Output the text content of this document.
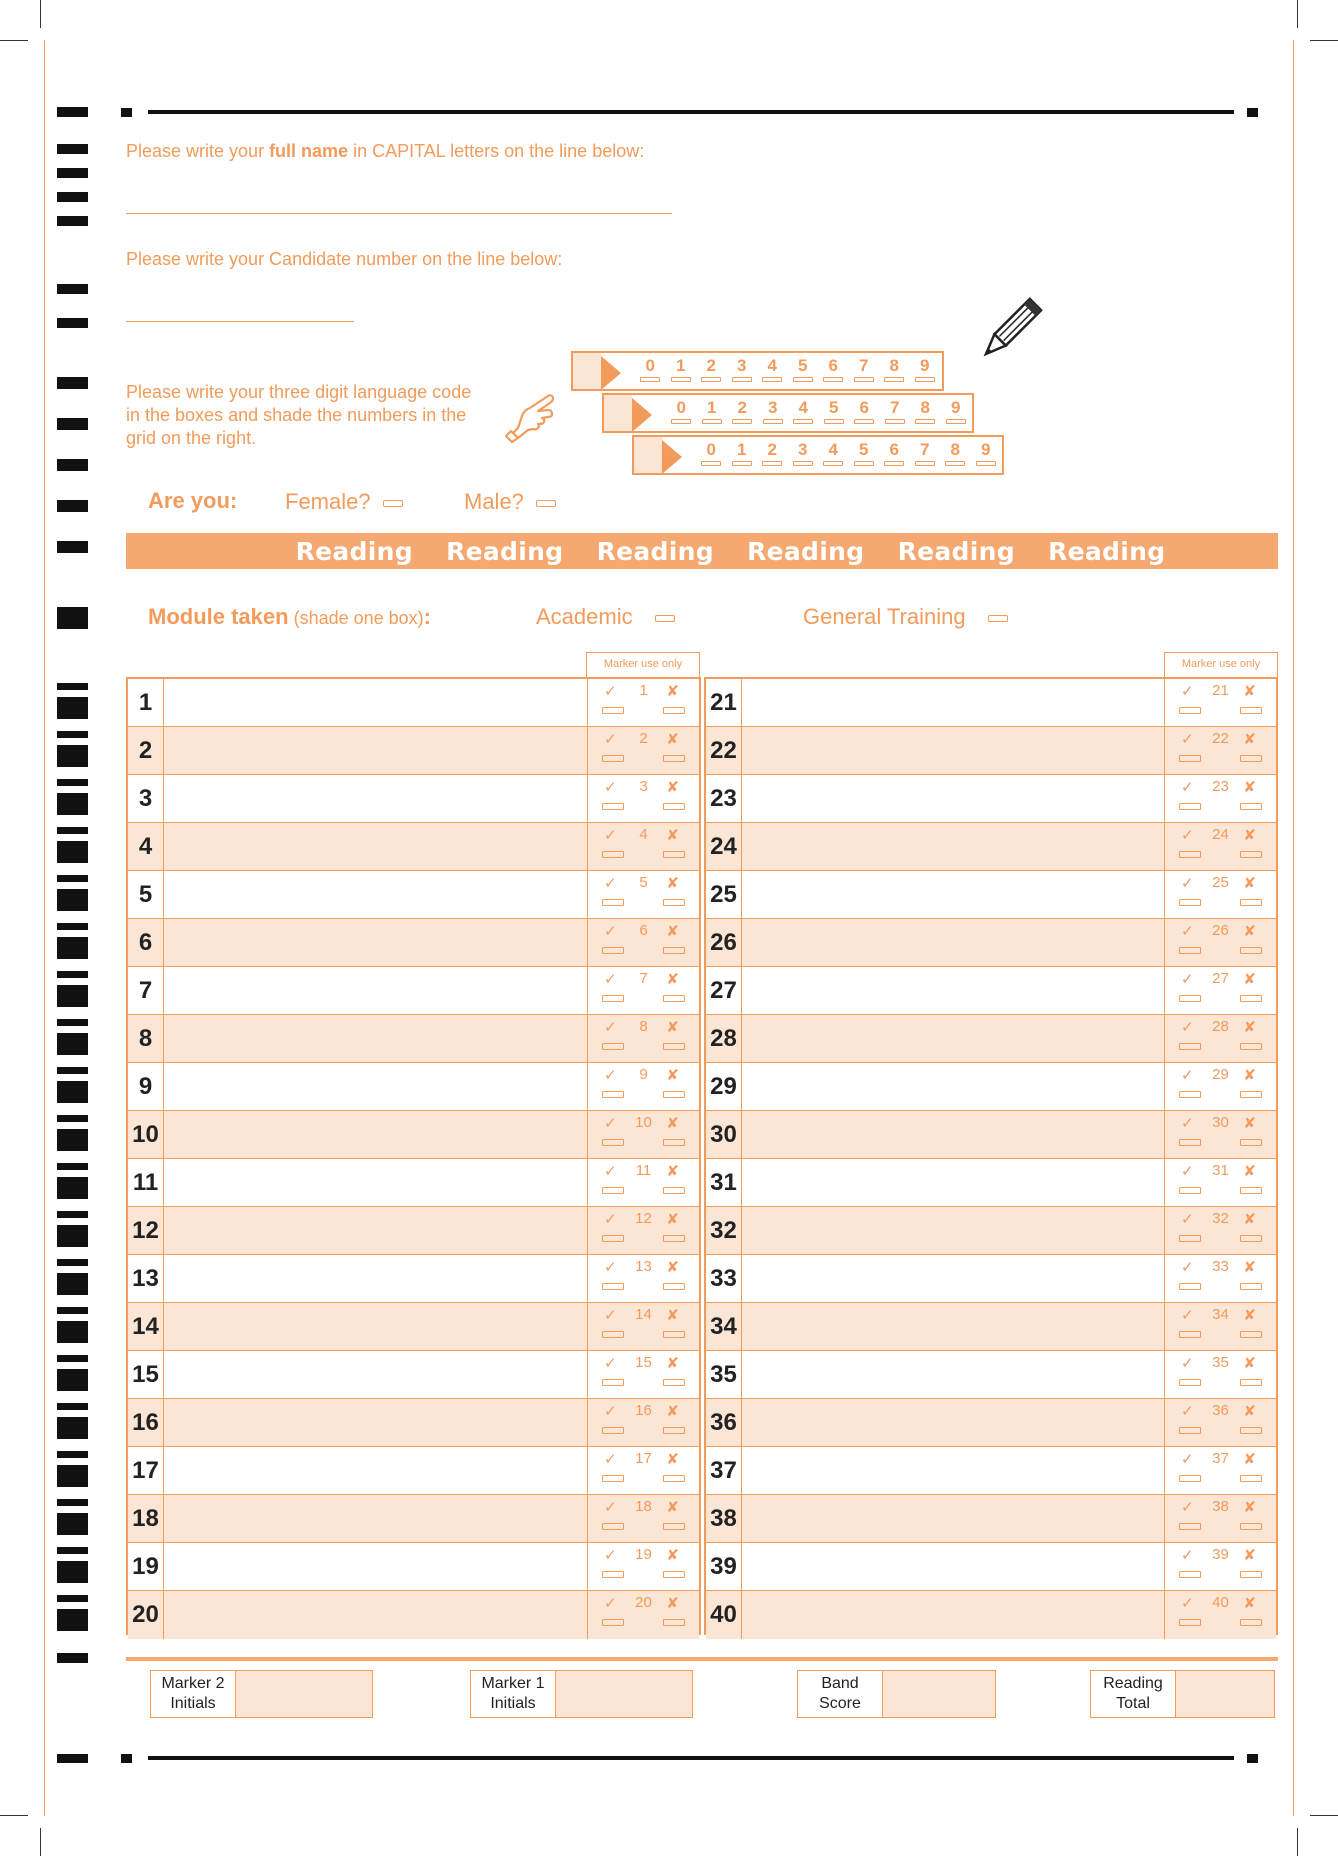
Please write your full name in CAPITAL letters on the line below:
Please write your Candidate number on the line below:
Please write your three digit language code
in the boxes and shade the numbers in the
grid on the right.
0	1	2	3	4	5	6	7	8	9
0	1	2	3	4	5	6	7	8	9
0	1	2	3	4	5	6	7	8	9
Are you: Female?	Male?
Reading	Reading	Reading	Reading	Reading	Reading
Module taken (shade one box):	Academic	General Training
Marker use only	Marker use only
1	✓	1	✘
2	✓	2	✘
3	✓	3	✘
4	✓	4	✘
5	✓	5	✘
6	✓	6	✘
7	✓	7	✘
8	✓	8	✘
9	✓	9	✘
10	✓	10 ✘
11	✓	11	✘
12	✓	12 ✘
13	✓	13 ✘
14	✓	14 ✘
15	✓	15 ✘
16	✓	16 ✘
17	✓	17 ✘
18	✓	18 ✘
19	✓	19 ✘
20	✓	20 ✘
21	✓	21 ✘
22	✓	22 ✘
23	✓	23 ✘
24	✓	24 ✘
25	✓	25 ✘
26	✓	26 ✘
27	✓	27 ✘
28	✓	28 ✘
29	✓	29 ✘
30	✓	30 ✘
31	✓	31 ✘
32	✓	32 ✘
33	✓	33 ✘
34	✓	34 ✘
35	✓	35 ✘
36	✓	36 ✘
37	✓	37 ✘
38	✓	38 ✘
39	✓	39 ✘
40	✓	40 ✘
Marker 2
Initials
Marker 1
Initials
Band
Score
Reading
Total
